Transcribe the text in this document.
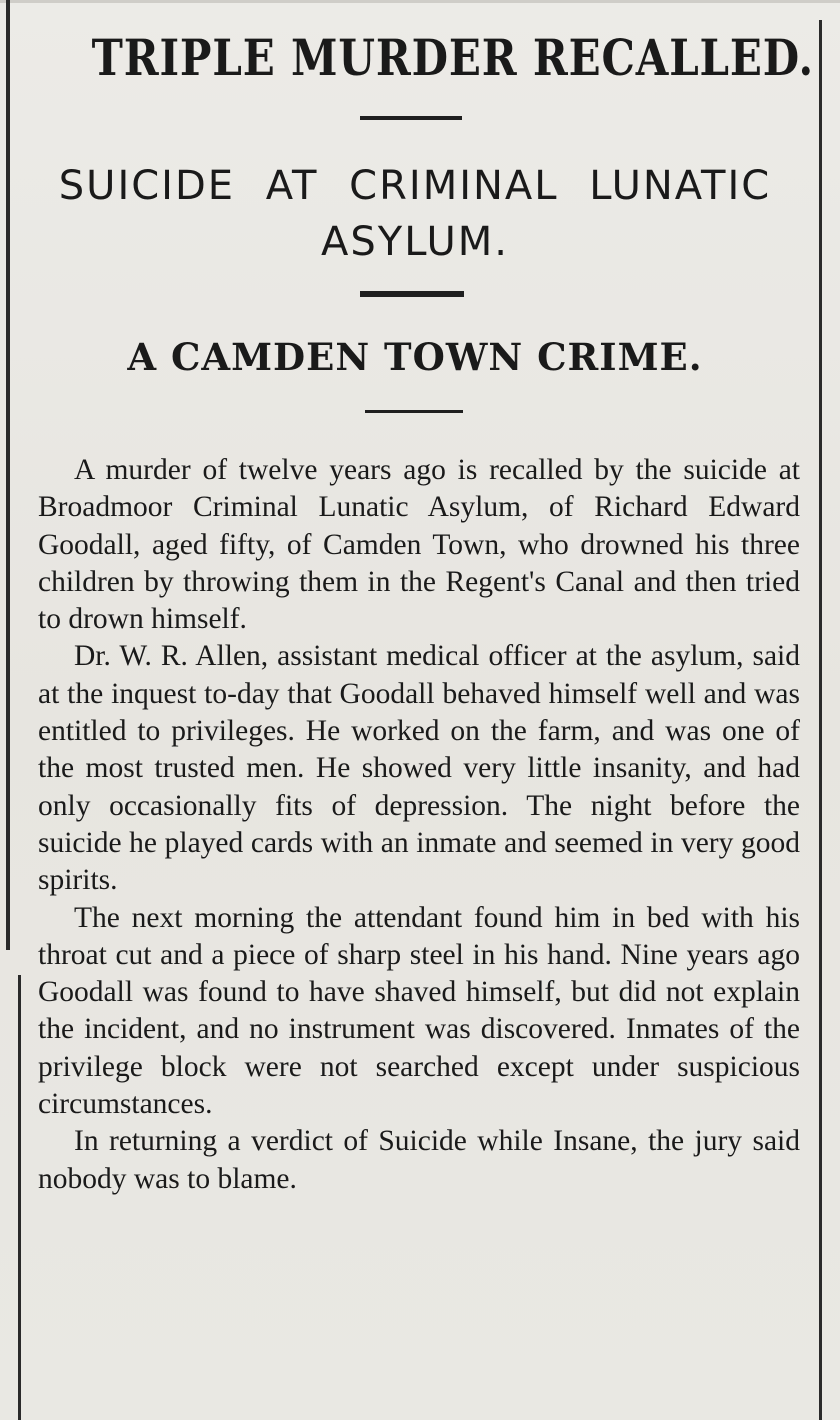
TRIPLE MURDER RECALLED.
SUICIDE AT CRIMINAL LUNATIC ASYLUM.
A CAMDEN TOWN CRIME.

A murder of twelve years ago is recalled by the suicide at Broadmoor Criminal Lunatic Asylum, of Richard Edward Goodall, aged fifty, of Camden Town, who drowned his three children by throwing them in the Regent's Canal and then tried to drown himself.

Dr. W. R. Allen, assistant medical officer at the asylum, said at the inquest to-day that Goodall behaved himself well and was entitled to privileges. He worked on the farm, and was one of the most trusted men. He showed very little insanity, and had only occasionally fits of depression. The night before the suicide he played cards with an inmate and seemed in very good spirits.

The next morning the attendant found him in bed with his throat cut and a piece of sharp steel in his hand. Nine years ago Goodall was found to have shaved himself, but did not explain the incident, and no instrument was discovered. Inmates of the privilege block were not searched except under suspicious circumstances.

In returning a verdict of Suicide while Insane, the jury said nobody was to blame.
